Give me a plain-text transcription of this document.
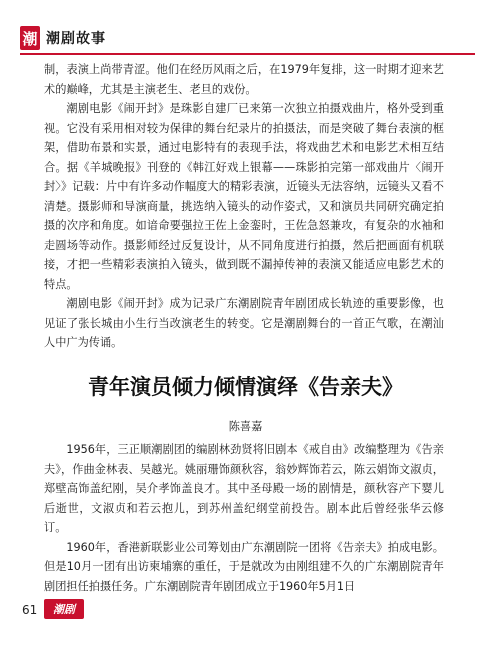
潮 潮剧故事

制，表演上尚带青涩。他们在经历风雨之后，在1979年复排，这一时期才迎来艺术的巅峰，尤其是主演老生、老旦的戏份。

潮剧电影《闹开封》是珠影自建厂已来第一次独立拍摄戏曲片，格外受到重视。它没有采用相对较为保律的舞台纪录片的拍摄法，而是突破了舞台表演的框架，借助布景和实景，通过电影特有的表现手法，将戏曲艺术和电影艺术相互结合。据《羊城晚报》刊登的《韩江好戏上银幕——珠影拍完第一部戏曲片〈闹开封〉》记载：片中有许多动作幅度大的精彩表演，近镜头无法容纳，远镜头又看不清楚。摄影师和导演商量，挑选纳入镜头的动作姿式，又和演员共同研究确定拍摄的次序和角度。如谙命要强拉王佐上金銮时，王佐急怒兼攻，有复杂的水袖和走圆场等动作。摄影师经过反复设计，从不同角度进行拍摄，然后把画面有机联接，才把一些精彩表演拍入镜头，做到既不漏掉传神的表演又能适应电影艺术的特点。

潮剧电影《闹开封》成为记录广东潮剧院青年剧团成长轨迹的重要影像，也见证了张长城由小生行当改演老生的转变。它是潮剧舞台的一首正气歌，在潮汕人中广为传诵。

青年演员倾力倾情演绎《告亲夫》
陈喜嘉

1956年，三正顺潮剧团的编剧林劲贤将旧剧本《戒自由》改编整理为《告亲夫》，作曲金林表、吴越光。姚丽珊饰颜秋容，翁妙辉饰若云，陈云娟饰文淑贞，郑壁高饰盖纪刚，吴介孝饰盖良才。其中圣母殿一场的剧情是，颜秋容产下婴儿后逝世，文淑贞和若云抱儿，到苏州盖纪纲堂前投告。剧本此后曾经张华云修订。

1960年，香港新联影业公司筹划由广东潮剧院一团将《告亲夫》拍成电影。但是10月一团有出访柬埔寨的重任，于是就改为由刚组建不久的广东潮剧院青年剧团担任拍摄任务。广东潮剧院青年剧团成立于1960年5月1日

61	潮剧
